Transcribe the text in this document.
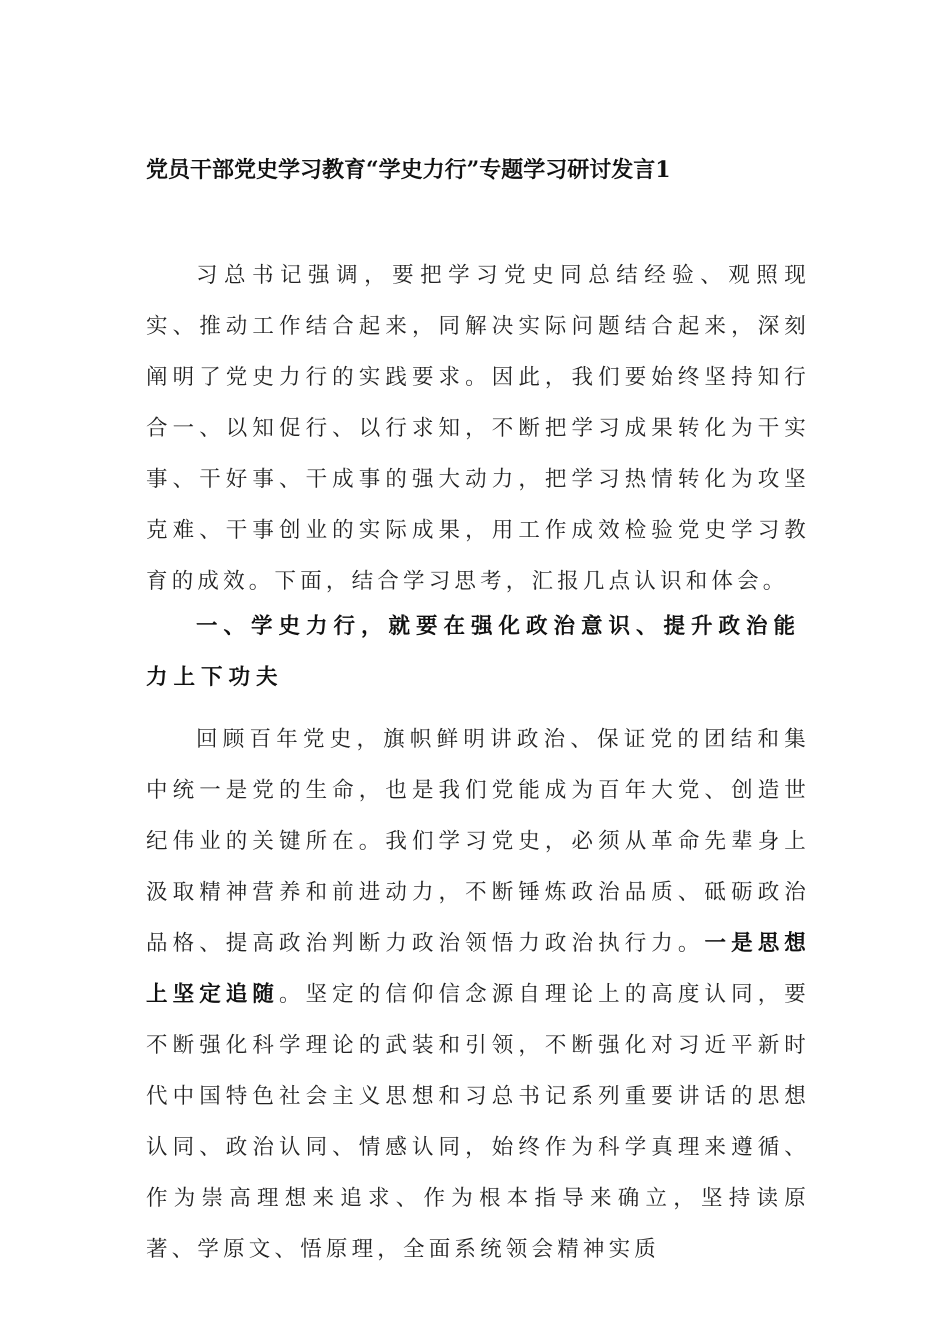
党员干部党史学习教育“学史力行”专题学习研讨发言1

习总书记强调，要把学习党史同总结经验、观照现实、推动工作结合起来，同解决实际问题结合起来，深刻阐明了党史力行的实践要求。因此，我们要始终坚持知行合一、以知促行、以行求知，不断把学习成果转化为干实事、干好事、干成事的强大动力，把学习热情转化为攻坚克难、干事创业的实际成果，用工作成效检验党史学习教育的成效。下面，结合学习思考，汇报几点认识和体会。

一、学史力行，就要在强化政治意识、提升政治能力上下功夫

回顾百年党史，旗帜鲜明讲政治、保证党的团结和集中统一是党的生命，也是我们党能成为百年大党、创造世纪伟业的关键所在。我们学习党史，必须从革命先辈身上汲取精神营养和前进动力，不断锤炼政治品质、砥砺政治品格、提高政治判断力政治领悟力政治执行力。一是思想上坚定追随。坚定的信仰信念源自理论上的高度认同，要不断强化科学理论的武装和引领，不断强化对习近平新时代中国特色社会主义思想和习总书记系列重要讲话的思想认同、政治认同、情感认同，始终作为科学真理来遵循、作为崇高理想来追求、作为根本指导来确立，坚持读原著、学原文、悟原理，全面系统领会精神实质
